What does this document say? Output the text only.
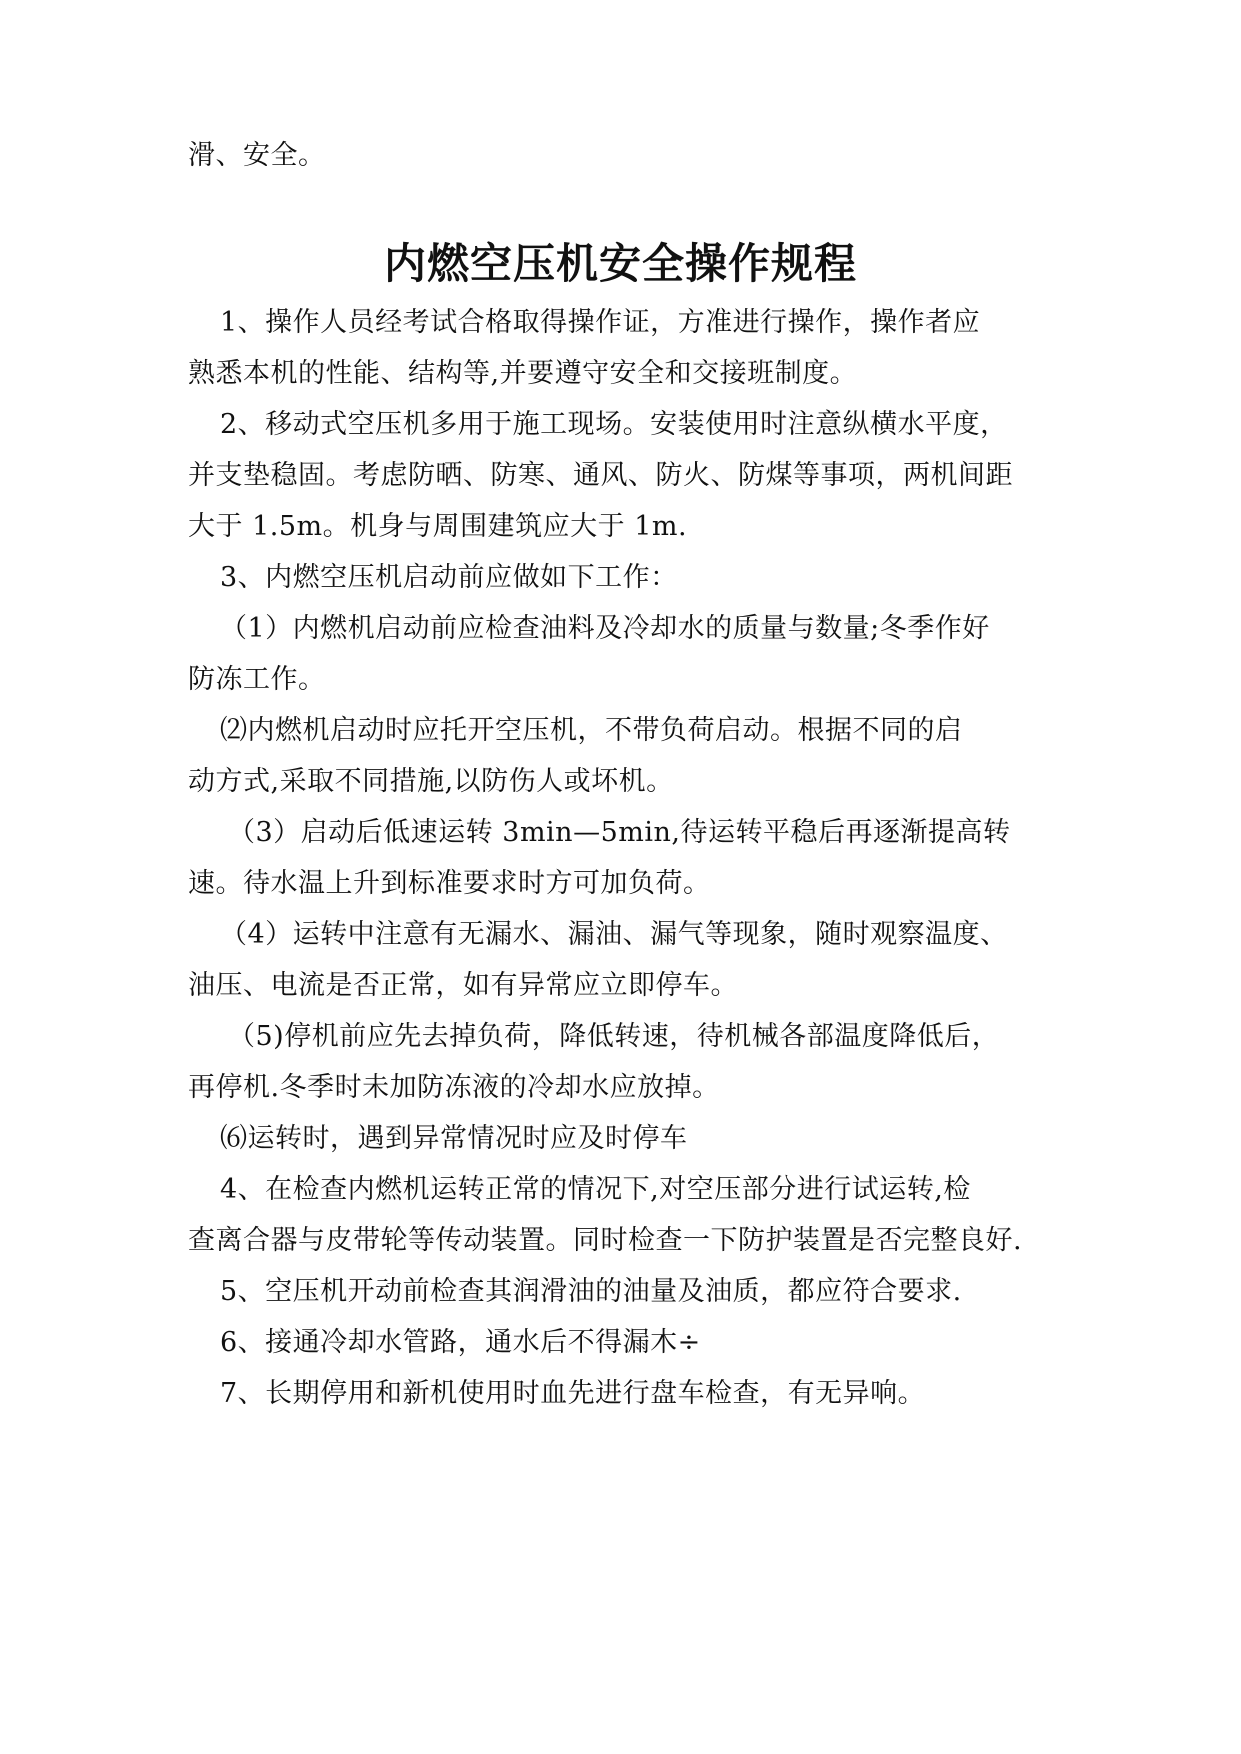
滑、安全。
内燃空压机安全操作规程
1、操作人员经考试合格取得操作证，方准进行操作，操作者应
熟悉本机的性能、结构等,并要遵守安全和交接班制度。
2、移动式空压机多用于施工现场。安装使用时注意纵横水平度，
并支垫稳固。考虑防晒、防寒、通风、防火、防煤等事项，两机间距
大于 1.5m。机身与周围建筑应大于 1m.
3、内燃空压机启动前应做如下工作：
（1）内燃机启动前应检查油料及冷却水的质量与数量;冬季作好
防冻工作。
⑵内燃机启动时应托开空压机，不带负荷启动。根据不同的启
动方式,采取不同措施,以防伤人或坏机。
（3）启动后低速运转 3min—5min,待运转平稳后再逐渐提高转
速。待水温上升到标准要求时方可加负荷。
（4）运转中注意有无漏水、漏油、漏气等现象，随时观察温度、
油压、电流是否正常，如有异常应立即停车。
（5)停机前应先去掉负荷，降低转速，待机械各部温度降低后，
再停机.冬季时未加防冻液的冷却水应放掉。
⑹运转时，遇到异常情况时应及时停车
4、在检查内燃机运转正常的情况下,对空压部分进行试运转,检
查离合器与皮带轮等传动装置。同时检查一下防护装置是否完整良好.
5、空压机开动前检查其润滑油的油量及油质，都应符合要求.
6、接通冷却水管路，通水后不得漏木÷
7、长期停用和新机使用时血先进行盘车检查，有无异响。
